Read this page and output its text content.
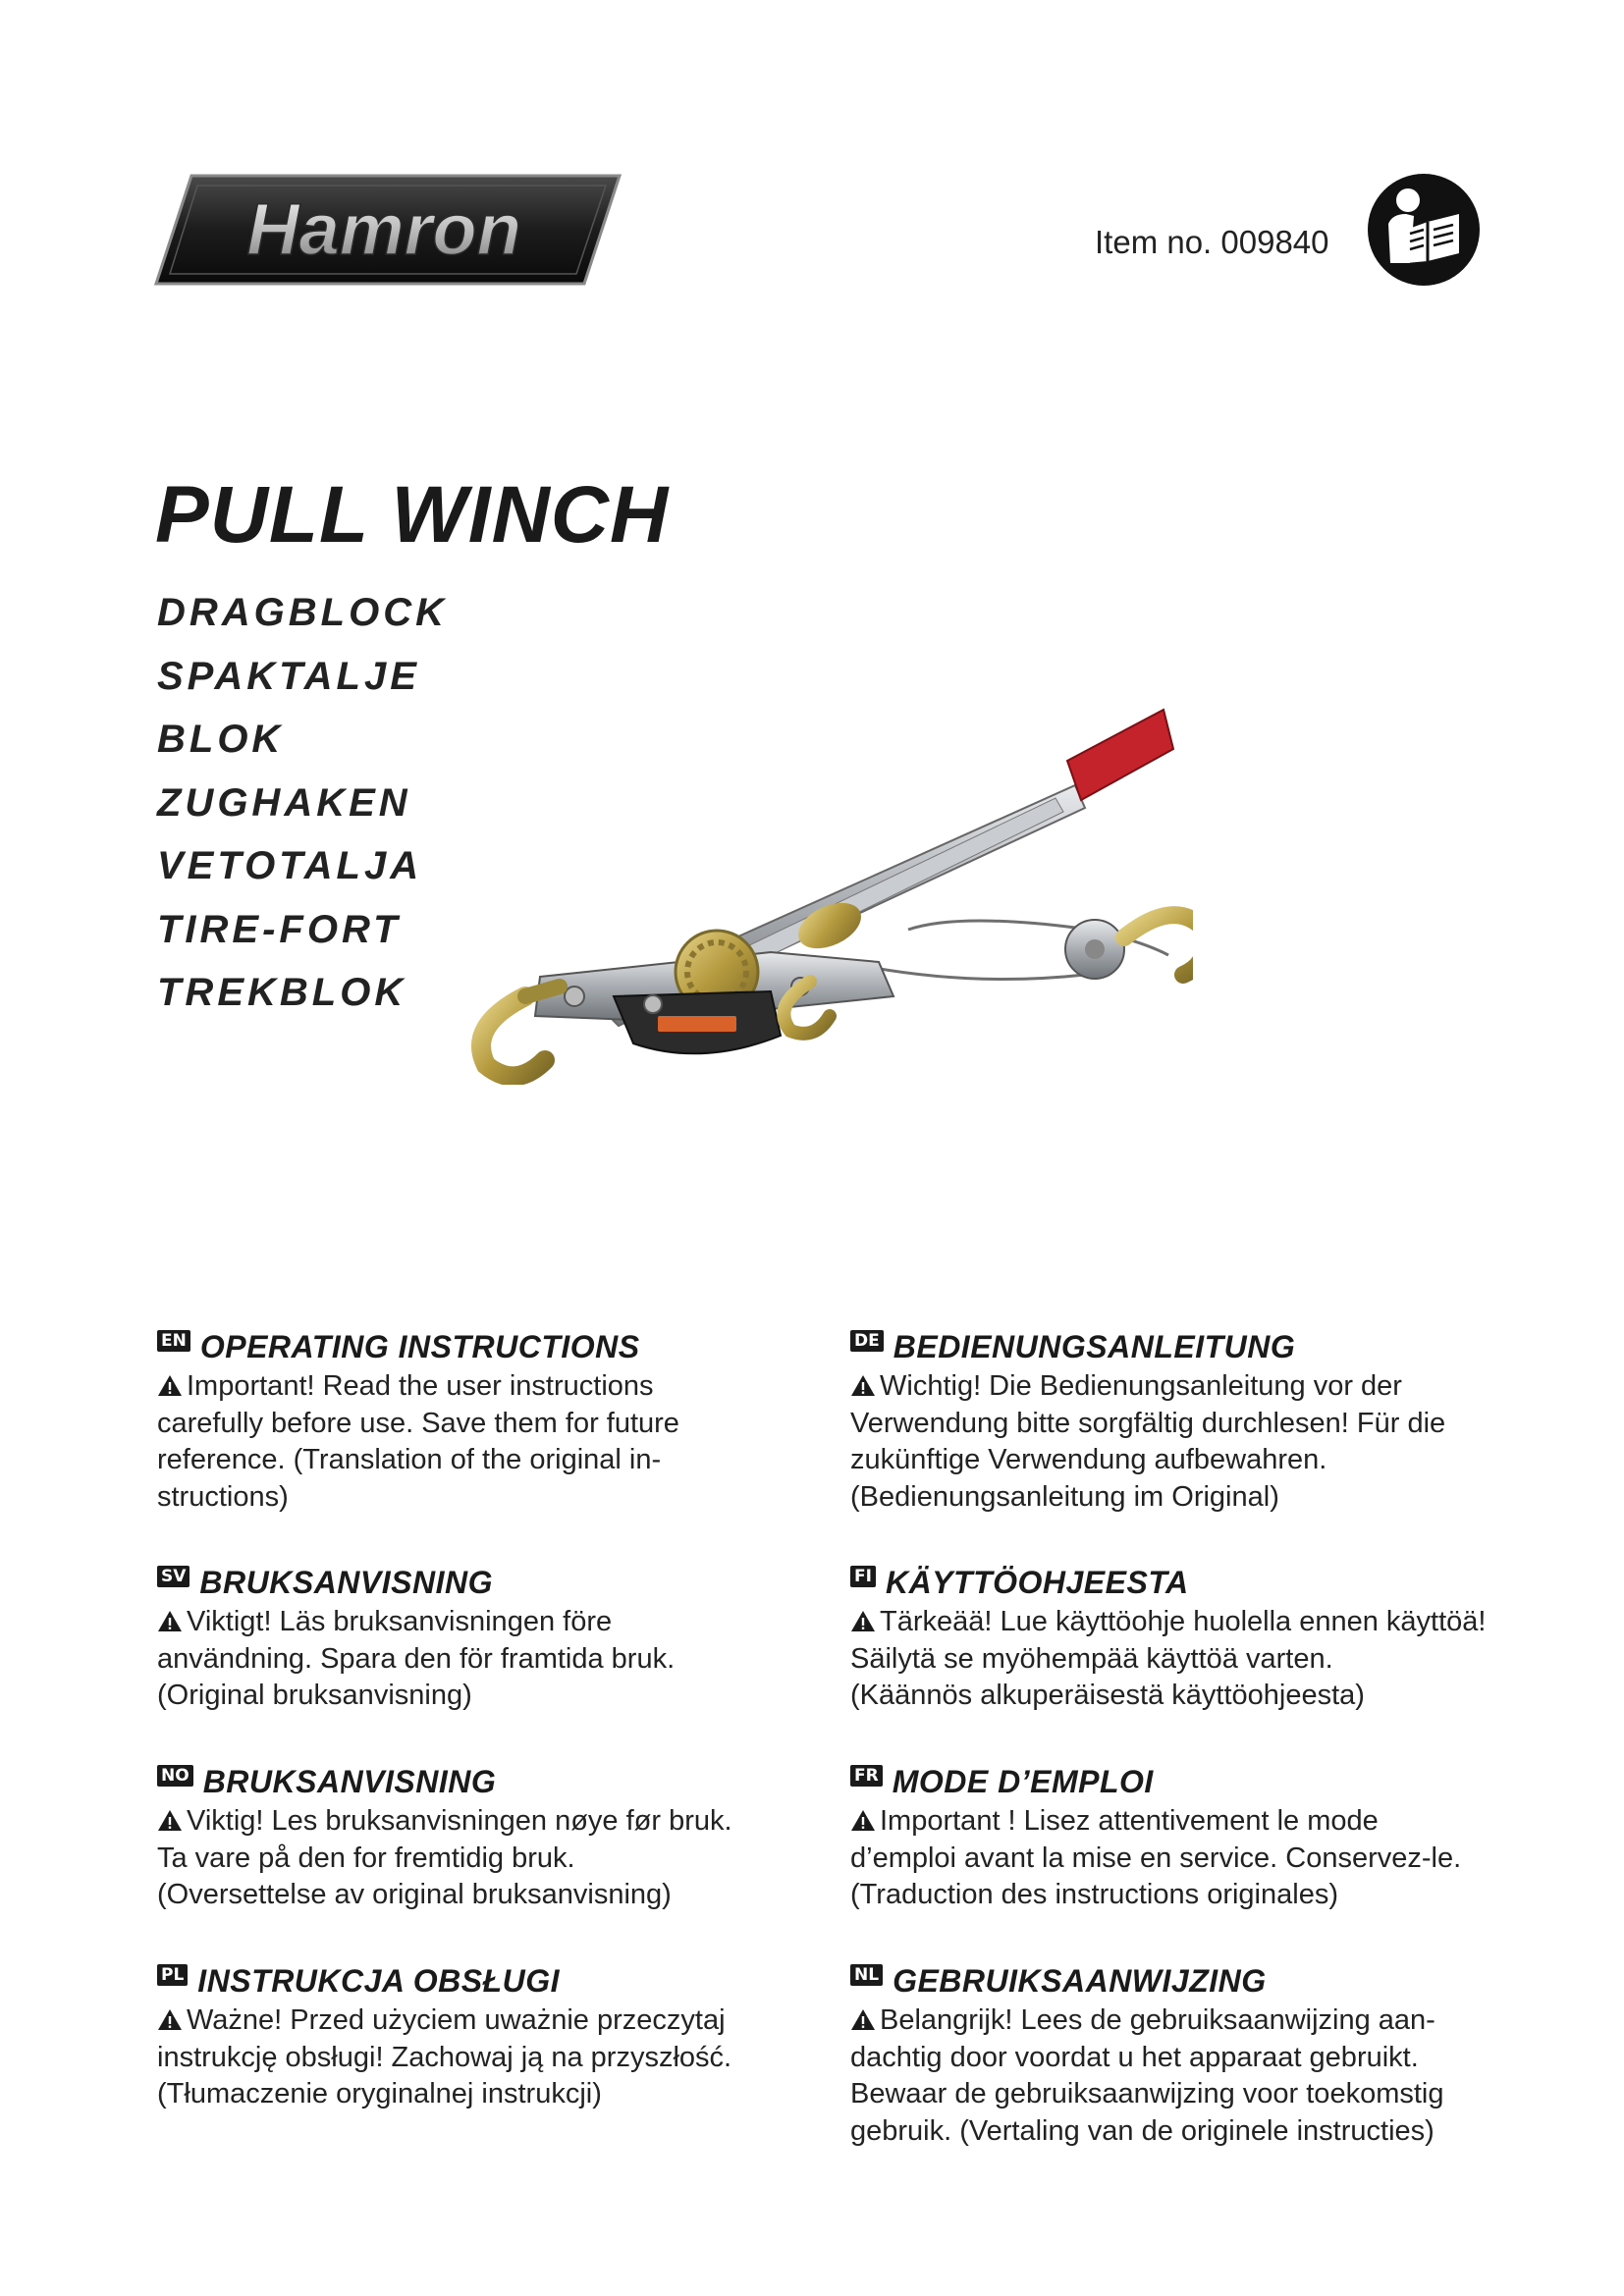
Hamron	Item no. 009840
PULL WINCH
DRAGBLOCK
SPAKTALJE
BLOK
ZUGHAKEN
VETOTALJA
TIRE-FORT
TREKBLOK
EN OPERATING INSTRUCTIONS
Important! Read the user instructions
carefully before use. Save them for future
reference. (Translation of the original in-
structions)
DE BEDIENUNGSANLEITUNG
Wichtig! Die Bedienungsanleitung vor der
Verwendung bitte sorgfältig durchlesen! Für die
zukünftige Verwendung aufbewahren.
(Bedienungsanleitung im Original)
SV BRUKSANVISNING
Viktigt! Läs bruksanvisningen före
användning. Spara den för framtida bruk.
(Original bruksanvisning)
FI KÄYTTÖOHJEESTA
Tärkeää! Lue käyttöohje huolella ennen käyttöä!
Säilytä se myöhempää käyttöä varten.
(Käännös alkuperäisestä käyttöohjeesta)
NO BRUKSANVISNING
Viktig! Les bruksanvisningen nøye før bruk.
Ta vare på den for fremtidig bruk.
(Oversettelse av original bruksanvisning)
FR MODE D’EMPLOI
Important ! Lisez attentivement le mode
d’emploi avant la mise en service. Conservez-le.
(Traduction des instructions originales)
PL INSTRUKCJA OBSŁUGI
Ważne! Przed użyciem uważnie przeczytaj
instrukcję obsługi! Zachowaj ją na przyszłość.
(Tłumaczenie oryginalnej instrukcji)
NL GEBRUIKSAANWIJZING
Belangrijk! Lees de gebruiksaanwijzing aan-
dachtig door voordat u het apparaat gebruikt.
Bewaar de gebruiksaanwijzing voor toekomstig
gebruik. (Vertaling van de originele instructies)
